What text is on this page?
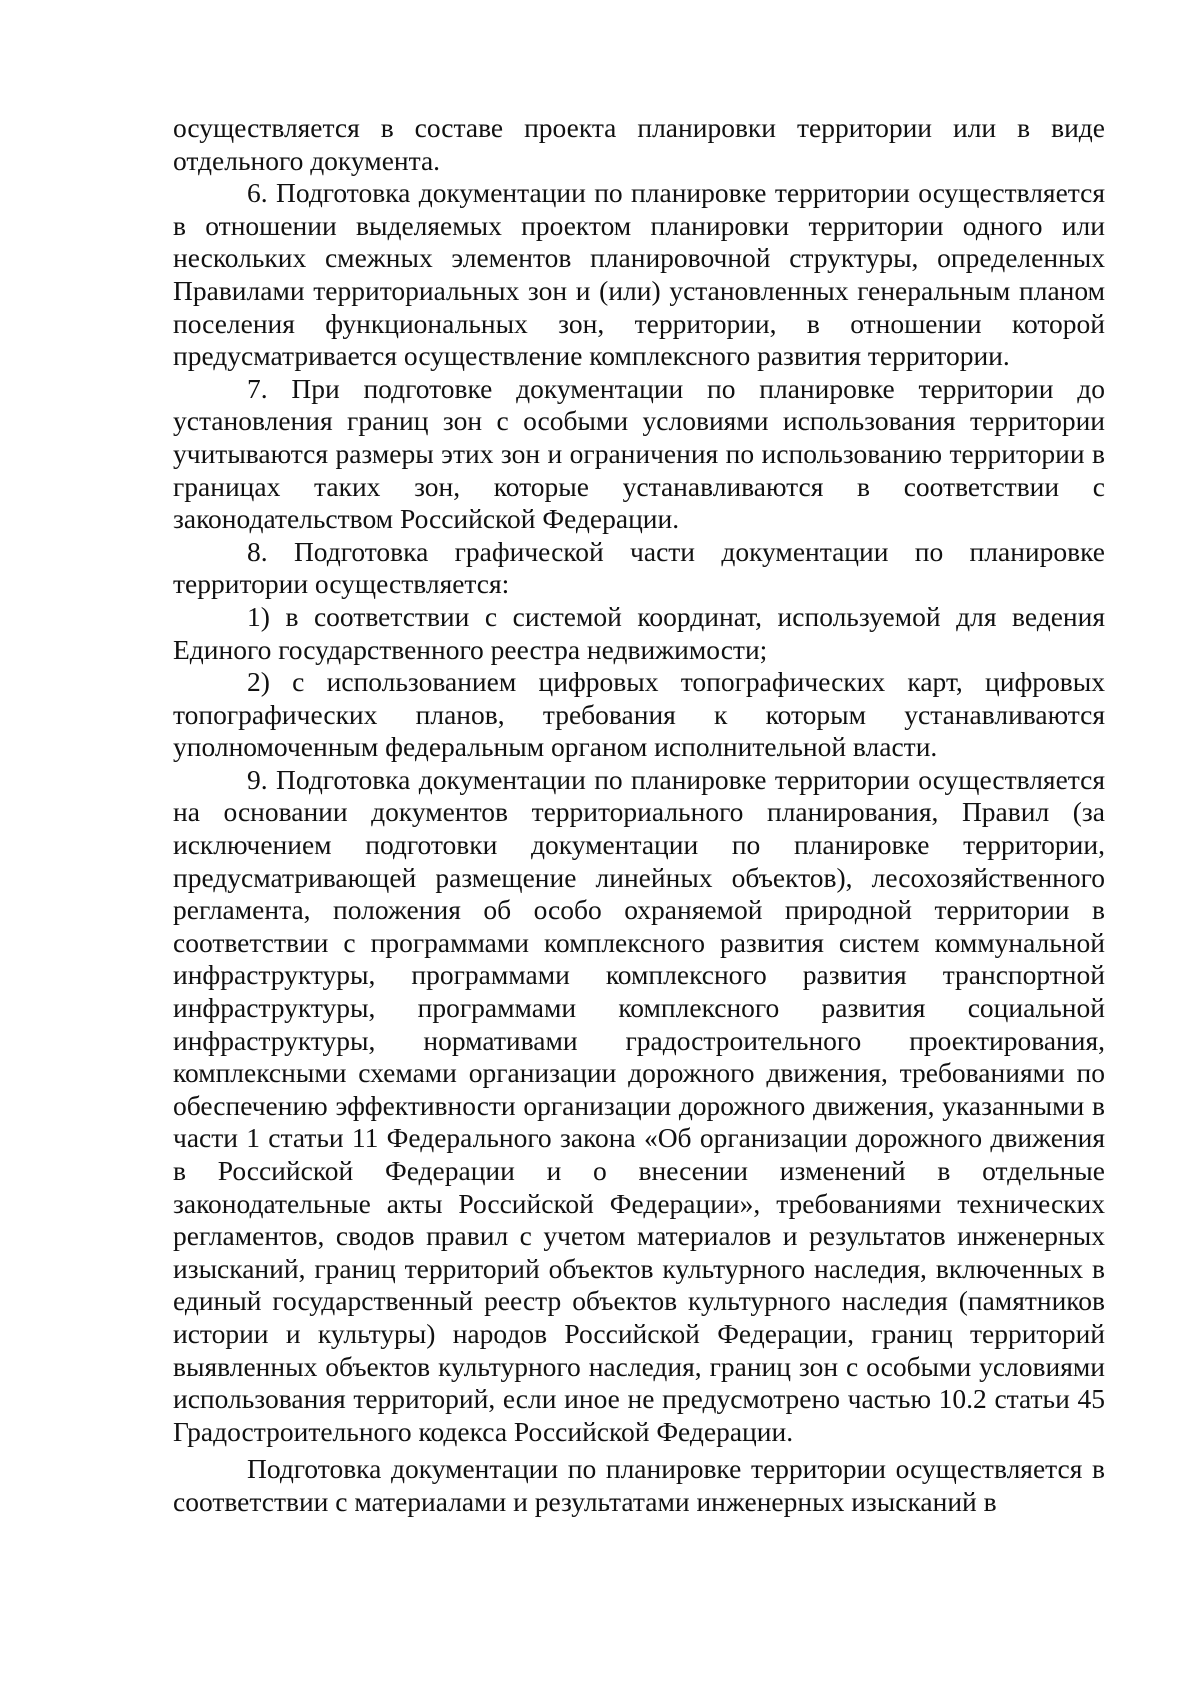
осуществляется в составе проекта планировки территории или в виде отдельного документа.

6. Подготовка документации по планировке территории осуществляется в отношении выделяемых проектом планировки территории одного или нескольких смежных элементов планировочной структуры, определенных Правилами территориальных зон и (или) установленных генеральным планом поселения функциональных зон, территории, в отношении которой предусматривается осуществление комплексного развития территории.

7. При подготовке документации по планировке территории до установления границ зон с особыми условиями использования территории учитываются размеры этих зон и ограничения по использованию территории в границах таких зон, которые устанавливаются в соответствии с законодательством Российской Федерации.

8. Подготовка графической части документации по планировке территории осуществляется:

1) в соответствии с системой координат, используемой для ведения Единого государственного реестра недвижимости;

2) с использованием цифровых топографических карт, цифровых топографических планов, требования к которым устанавливаются уполномоченным федеральным органом исполнительной власти.

9. Подготовка документации по планировке территории осуществляется на основании документов территориального планирования, Правил (за исключением подготовки документации по планировке территории, предусматривающей размещение линейных объектов), лесохозяйственного регламента, положения об особо охраняемой природной территории в соответствии с программами комплексного развития систем коммунальной инфраструктуры, программами комплексного развития транспортной инфраструктуры, программами комплексного развития социальной инфраструктуры, нормативами градостроительного проектирования, комплексными схемами организации дорожного движения, требованиями по обеспечению эффективности организации дорожного движения, указанными в части 1 статьи 11 Федерального закона «Об организации дорожного движения в Российской Федерации и о внесении изменений в отдельные законодательные акты Российской Федерации», требованиями технических регламентов, сводов правил с учетом материалов и результатов инженерных изысканий, границ территорий объектов культурного наследия, включенных в единый государственный реестр объектов культурного наследия (памятников истории и культуры) народов Российской Федерации, границ территорий выявленных объектов культурного наследия, границ зон с особыми условиями использования территорий, если иное не предусмотрено частью 10.2 статьи 45 Градостроительного кодекса Российской Федерации.

Подготовка документации по планировке территории осуществляется в соответствии с материалами и результатами инженерных изысканий в
